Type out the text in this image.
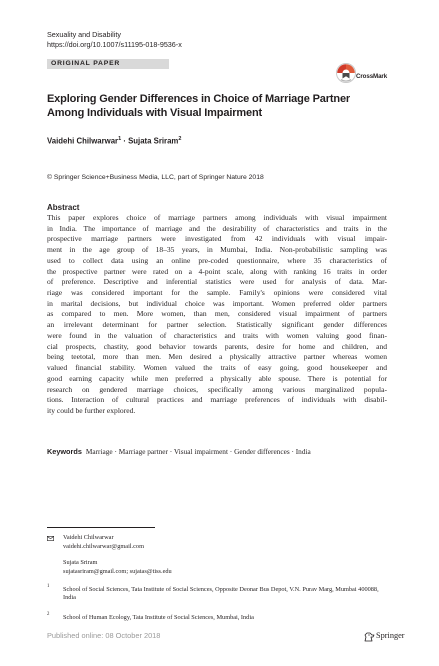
Sexuality and Disability
https://doi.org/10.1007/s11195-018-9536-x
ORIGINAL PAPER
CrossMark
Exploring Gender Differences in Choice of Marriage Partner Among Individuals with Visual Impairment
Vaidehi Chilwarwar$^1$ · Sujata Sriram$^2$
© Springer Science+Business Media, LLC, part of Springer Nature 2018
Abstract
This paper explores choice of marriage partners among individuals with visual impairment
in India. The importance of marriage and the desirability of characteristics and traits in the
prospective marriage partners were investigated from 42 individuals with visual impair-
ment in the age group of 18–35 years, in Mumbai, India. Non-probabilistic sampling was
used to collect data using an online pre-coded questionnaire, where 35 characteristics of
the prospective partner were rated on a 4-point scale, along with ranking 16 traits in order
of preference. Descriptive and inferential statistics were used for analysis of data. Mar-
riage was considered important for the sample. Family's opinions were considered vital
in marital decisions, but individual choice was important. Women preferred older partners
as compared to men. More women, than men, considered visual impairment of partners
an irrelevant determinant for partner selection. Statistically significant gender differences
were found in the valuation of characteristics and traits with women valuing good finan-
cial prospects, chastity, good behavior towards parents, desire for home and children, and
being teetotal, more than men. Men desired a physically attractive partner whereas women
valued financial stability. Women valued the traits of easy going, good housekeeper and
good earning capacity while men preferred a physically able spouse. There is potential for
research on gendered marriage choices, specifically among various marginalized popula-
tions. Interaction of cultural practices and marriage preferences of individuals with disabil-
ity could be further explored.
Keywords Marriage · Marriage partner · Visual impairment · Gender differences · India
Vaidehi Chilwarwar
vaidehi.chilwarwar@gmail.com
Sujata Sriram
sujatasriram@gmail.com; sujatas@tiss.edu
1 School of Social Sciences, Tata Institute of Social Sciences, Opposite Deonar Bus Depot, V.N. Purav Marg, Mumbai 400088, India
2 School of Human Ecology, Tata Institute of Social Sciences, Mumbai, India
Published online: 08 October 2018	Springer
